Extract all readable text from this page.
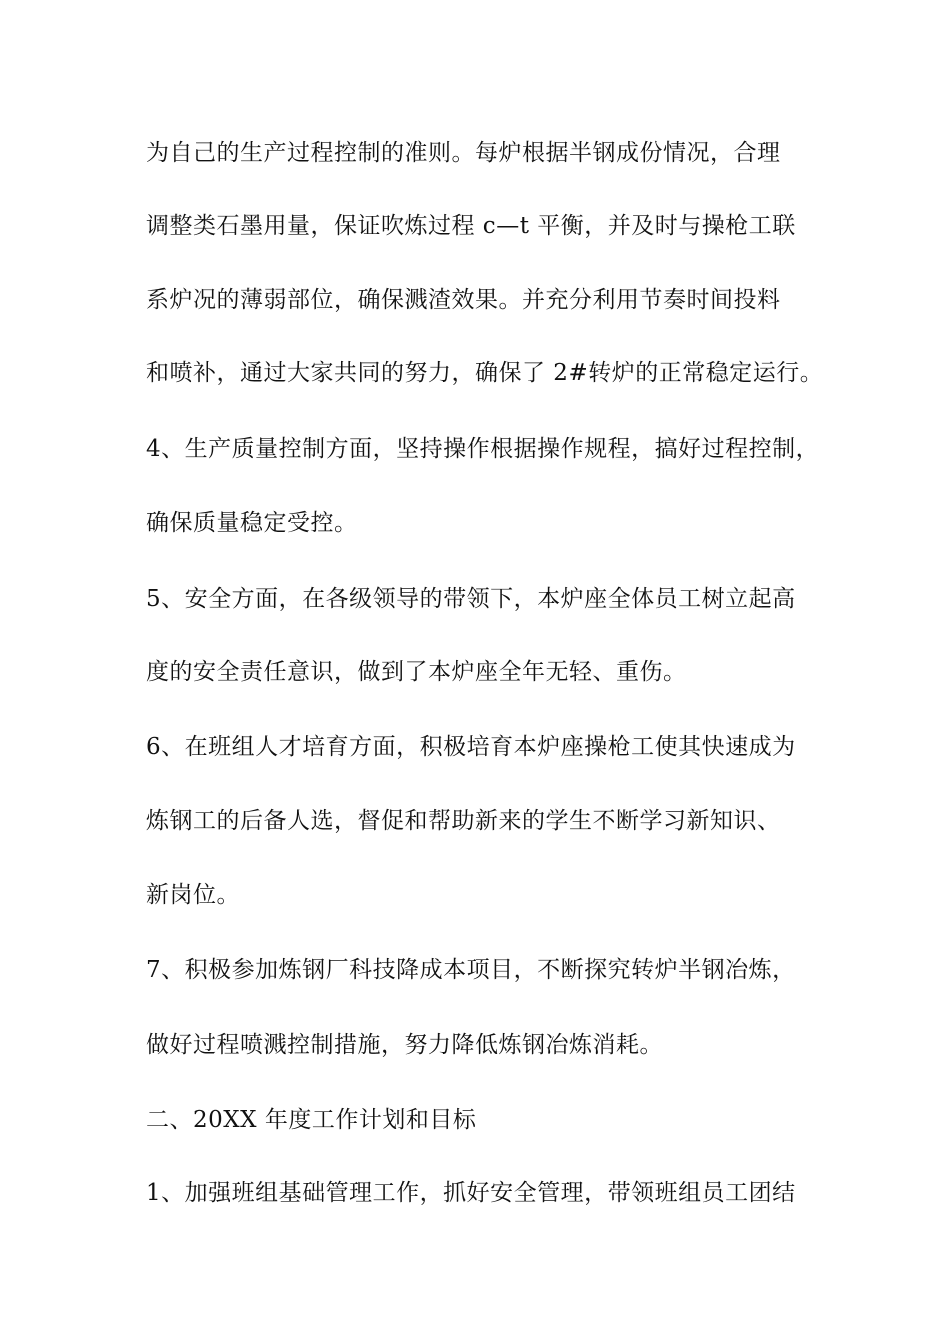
为自己的生产过程控制的准则。每炉根据半钢成份情况，合理
调整类石墨用量，保证吹炼过程 c—t 平衡，并及时与操枪工联
系炉况的薄弱部位，确保溅渣效果。并充分利用节奏时间投料
和喷补，通过大家共同的努力，确保了 2#转炉的正常稳定运行。
4、生产质量控制方面，坚持操作根据操作规程，搞好过程控制，
确保质量稳定受控。
5、安全方面，在各级领导的带领下，本炉座全体员工树立起高
度的安全责任意识，做到了本炉座全年无轻、重伤。
6、在班组人才培育方面，积极培育本炉座操枪工使其快速成为
炼钢工的后备人选，督促和帮助新来的学生不断学习新知识、
新岗位。
7、积极参加炼钢厂科技降成本项目，不断探究转炉半钢冶炼，
做好过程喷溅控制措施，努力降低炼钢冶炼消耗。
二、20XX 年度工作计划和目标
1、加强班组基础管理工作，抓好安全管理，带领班组员工团结
